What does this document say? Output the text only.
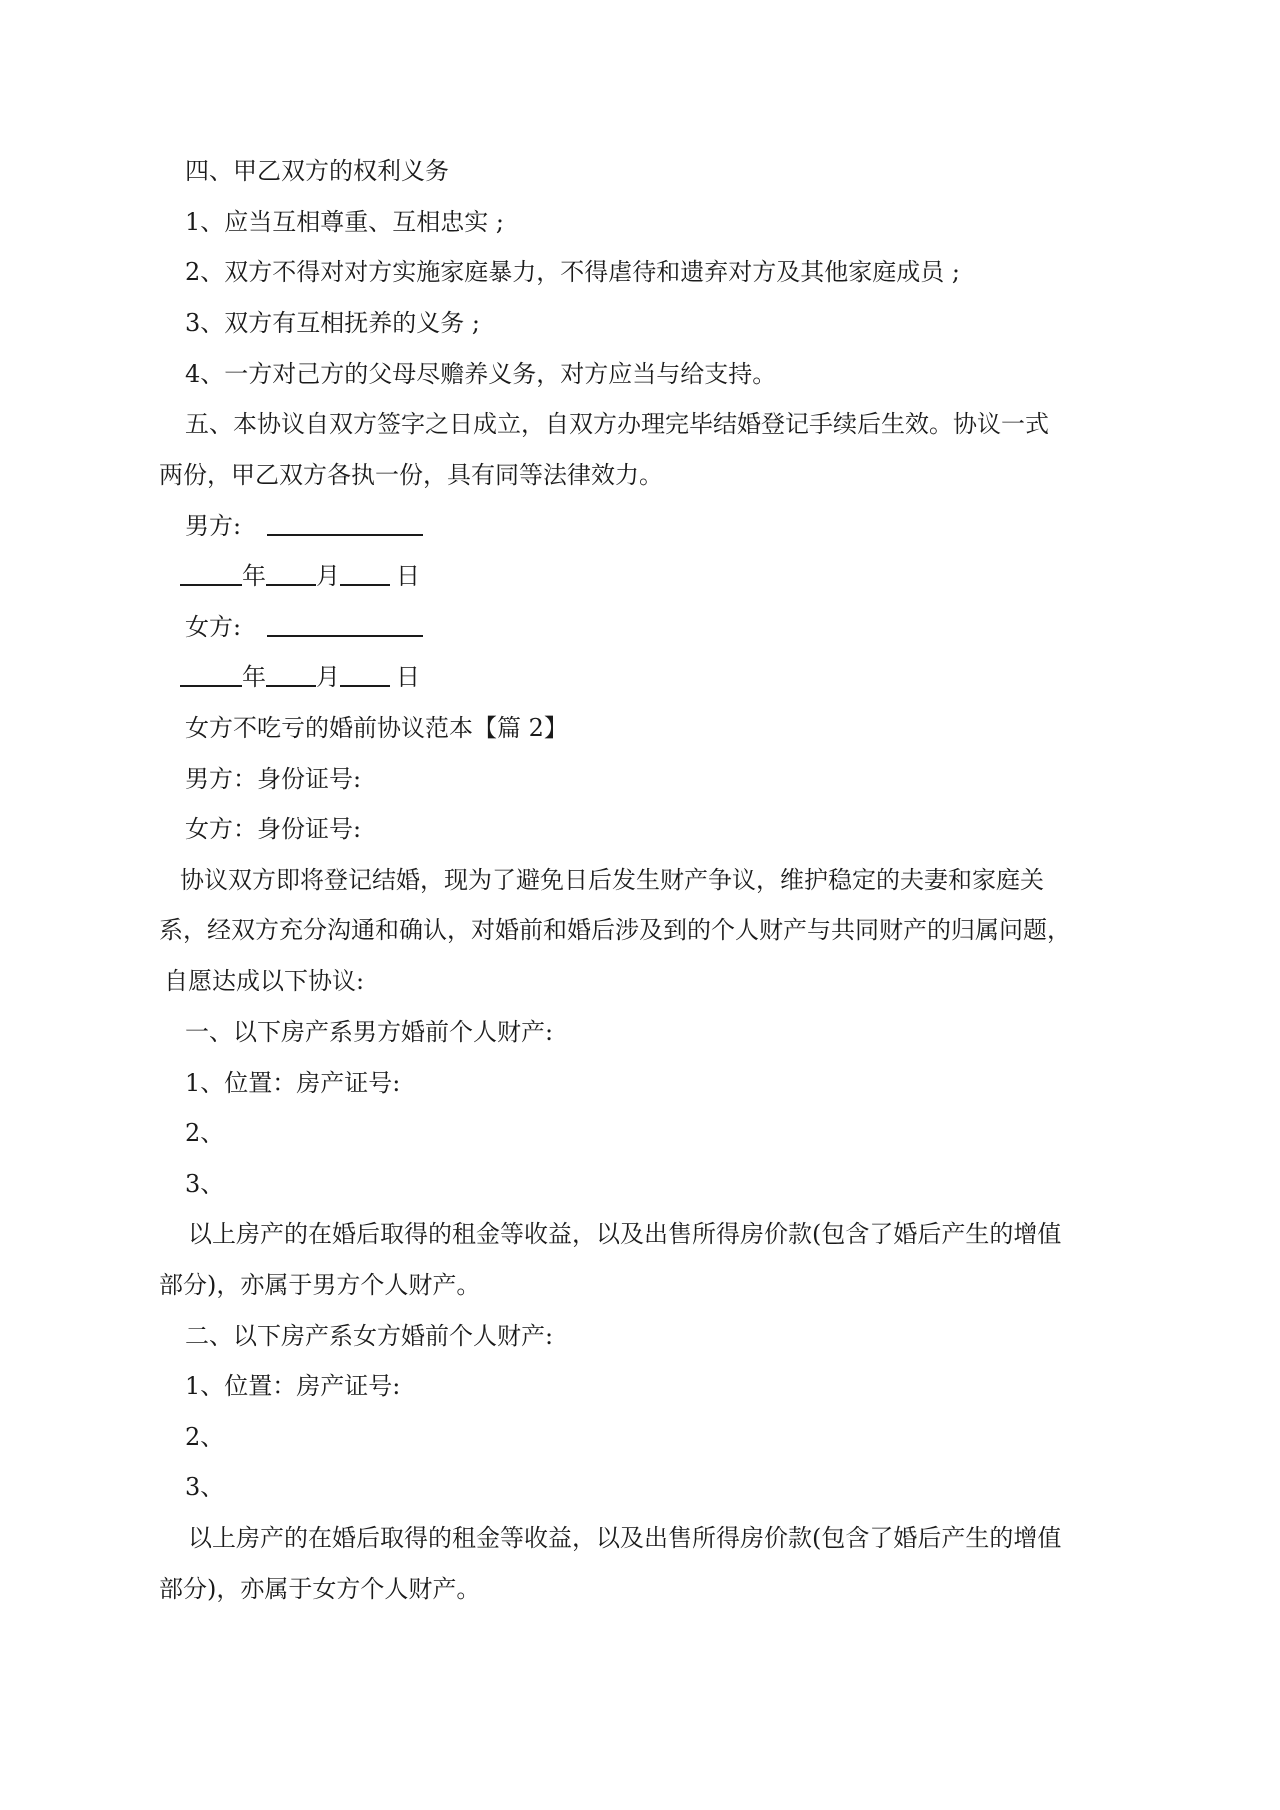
四、甲乙双方的权利义务
1、应当互相尊重、互相忠实 ;
2、双方不得对对方实施家庭暴力，不得虐待和遗弃对方及其他家庭成员 ;
3、双方有互相抚养的义务 ;
4、一方对己方的父母尽赡养义务，对方应当与给支持。
五、本协议自双方签字之日成立，自双方办理完毕结婚登记手续后生效。协议一式
两份，甲乙双方各执一份，具有同等法律效力。
男方:
年 月 日
女方:
年 月 日
女方不吃亏的婚前协议范本【篇 2】
男方：身份证号:
女方：身份证号:
协议双方即将登记结婚，现为了避免日后发生财产争议，维护稳定的夫妻和家庭关
系，经双方充分沟通和确认，对婚前和婚后涉及到的个人财产与共同财产的归属问题，
自愿达成以下协议:
一、以下房产系男方婚前个人财产:
1、位置：房产证号:
2、
3、
以上房产的在婚后取得的租金等收益，以及出售所得房价款(包含了婚后产生的增值
部分)，亦属于男方个人财产。
二、以下房产系女方婚前个人财产:
1、位置：房产证号:
2、
3、
以上房产的在婚后取得的租金等收益，以及出售所得房价款(包含了婚后产生的增值
部分)，亦属于女方个人财产。
